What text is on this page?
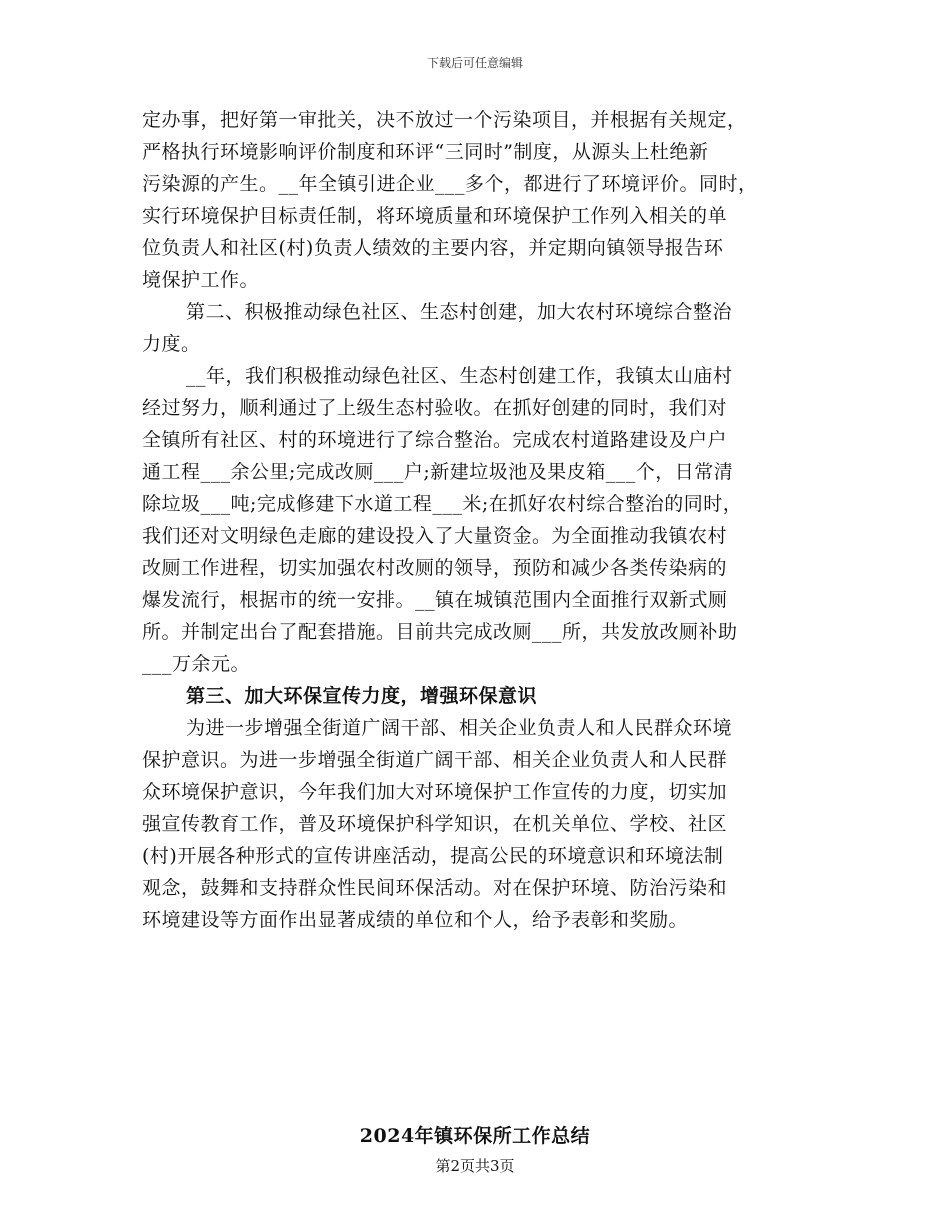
下载后可任意编辑
定办事，把好第一审批关，决不放过一个污染项目，并根据有关规定，
严格执行环境影响评价制度和环评“三同时”制度，从源头上杜绝新
污染源的产生。__年全镇引进企业___多个，都进行了环境评价。同时，
实行环境保护目标责任制，将环境质量和环境保护工作列入相关的单
位负责人和社区(村)负责人绩效的主要内容，并定期向镇领导报告环
境保护工作。
第二、积极推动绿色社区、生态村创建，加大农村环境综合整治
力度。
__年，我们积极推动绿色社区、生态村创建工作，我镇太山庙村
经过努力，顺利通过了上级生态村验收。在抓好创建的同时，我们对
全镇所有社区、村的环境进行了综合整治。完成农村道路建设及户户
通工程___余公里;完成改厕___户;新建垃圾池及果皮箱___个，日常清
除垃圾___吨;完成修建下水道工程___米;在抓好农村综合整治的同时，
我们还对文明绿色走廊的建设投入了大量资金。为全面推动我镇农村
改厕工作进程，切实加强农村改厕的领导，预防和减少各类传染病的
爆发流行，根据市的统一安排。__镇在城镇范围内全面推行双新式厕
所。并制定出台了配套措施。目前共完成改厕___所，共发放改厕补助
___万余元。
第三、加大环保宣传力度，增强环保意识
为进一步增强全街道广阔干部、相关企业负责人和人民群众环境
保护意识。为进一步增强全街道广阔干部、相关企业负责人和人民群
众环境保护意识，今年我们加大对环境保护工作宣传的力度，切实加
强宣传教育工作，普及环境保护科学知识，在机关单位、学校、社区
(村)开展各种形式的宣传讲座活动，提高公民的环境意识和环境法制
观念，鼓舞和支持群众性民间环保活动。对在保护环境、防治污染和
环境建设等方面作出显著成绩的单位和个人，给予表彰和奖励。
2024年镇环保所工作总结
第2页共3页
